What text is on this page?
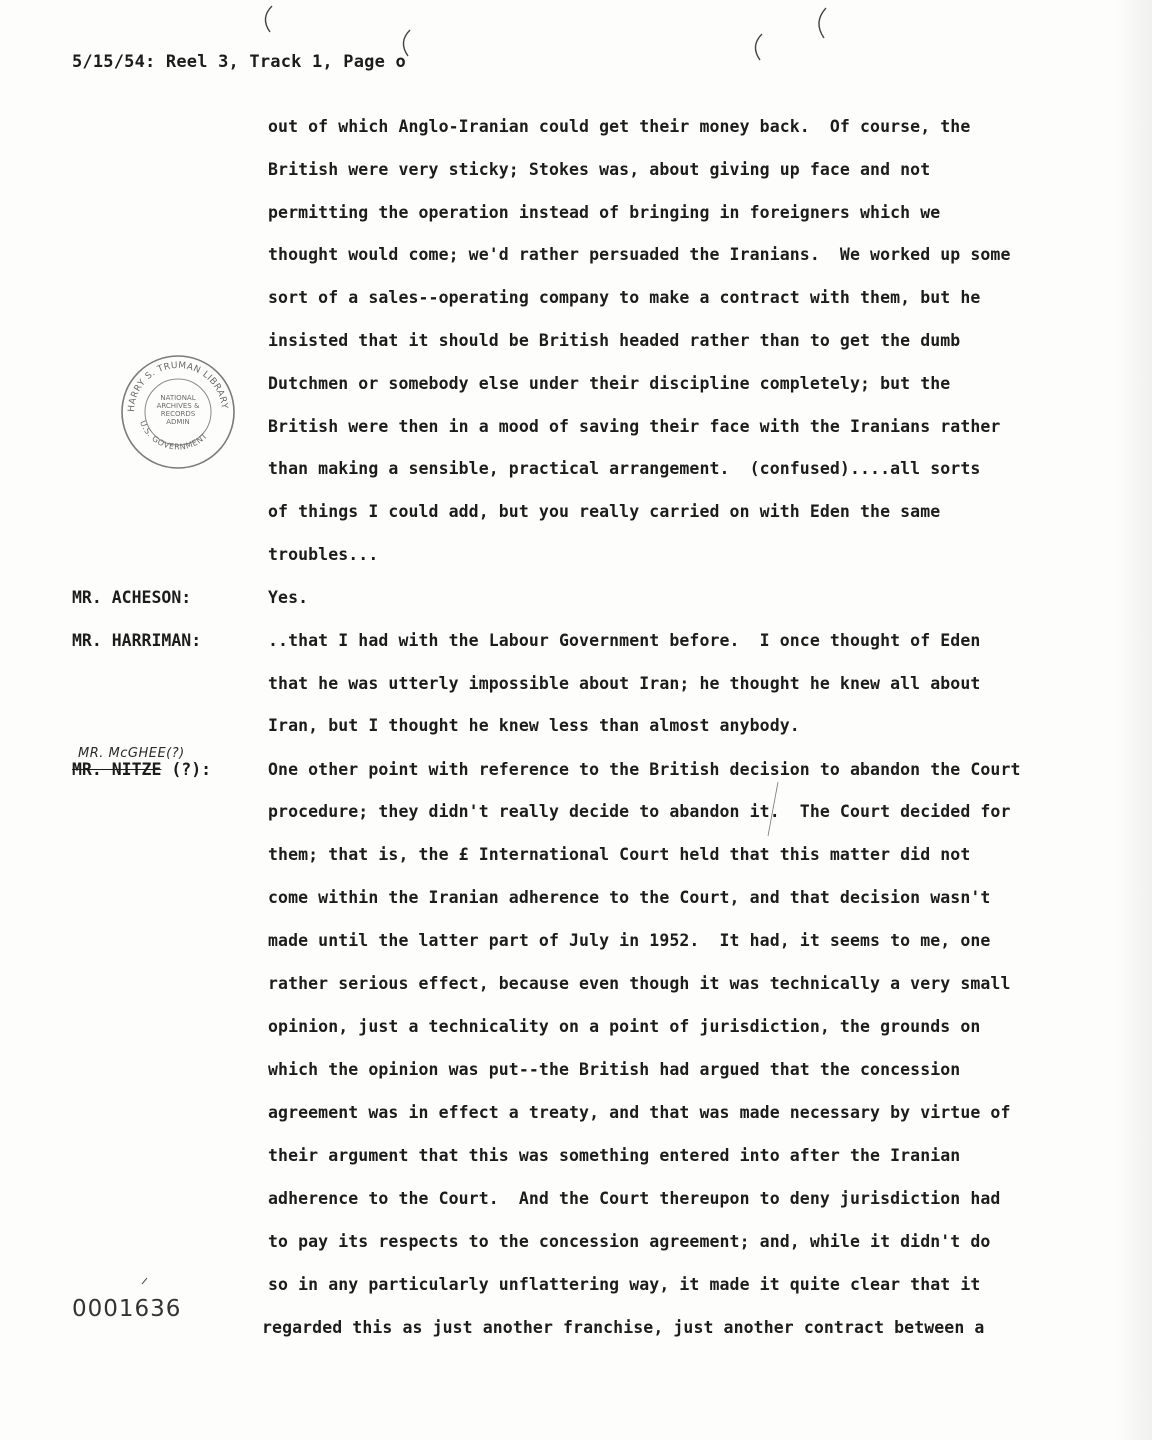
5/15/54: Reel 3, Track 1, Page o
HARRY S. TRUMAN LIBRARY
U.S. GOVERNMENT
NATIONAL ARCHIVES & RECORDS ADMIN
out of which Anglo-Iranian could get their money back.  Of course, the
British were very sticky; Stokes was, about giving up face and not
permitting the operation instead of bringing in foreigners which we
thought would come; we'd rather persuaded the Iranians.  We worked up some
sort of a sales--operating company to make a contract with them, but he
insisted that it should be British headed rather than to get the dumb
Dutchmen or somebody else under their discipline completely; but the
British were then in a mood of saving their face with the Iranians rather
than making a sensible, practical arrangement.  (confused)....all sorts
of things I could add, but you really carried on with Eden the same
troubles...
MR. ACHESON:	Yes.
MR. HARRIMAN:	..that I had with the Labour Government before.  I once thought of Eden
that he was utterly impossible about Iran; he thought he knew all about
Iran, but I thought he knew less than almost anybody.
MR. McGHEE(?)
MR. NITZE (?):	One other point with reference to the British decision to abandon the Court
procedure; they didn't really decide to abandon it.  The Court decided for
them; that is, the £ International Court held that this matter did not
come within the Iranian adherence to the Court, and that decision wasn't
made until the latter part of July in 1952.  It had, it seems to me, one
rather serious effect, because even though it was technically a very small
opinion, just a technicality on a point of jurisdiction, the grounds on
which the opinion was put--the British had argued that the concession
agreement was in effect a treaty, and that was made necessary by virtue of
their argument that this was something entered into after the Iranian
adherence to the Court.  And the Court thereupon to deny jurisdiction had
to pay its respects to the concession agreement; and, while it didn't do
so in any particularly unflattering way, it made it quite clear that it
regarded this as just another franchise, just another contract between a
0001636
